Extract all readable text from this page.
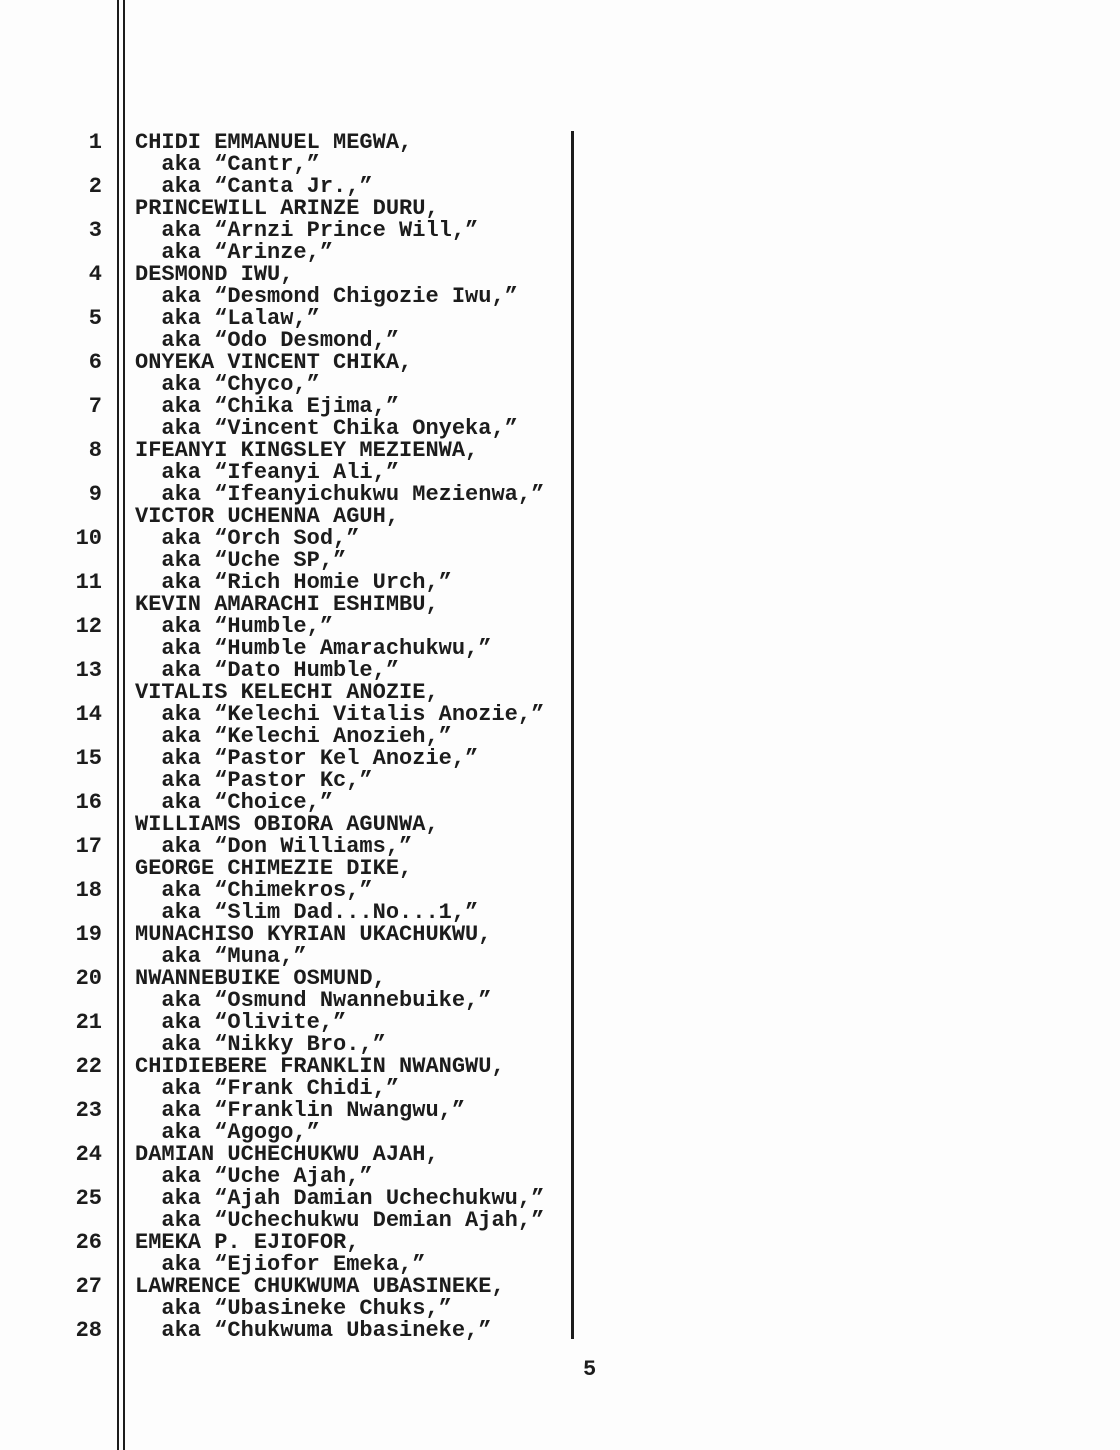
1 CHIDI EMMANUEL MEGWA,
aka “Cantr,”
2 aka “Canta Jr.,”
PRINCEWILL ARINZE DURU,
3 aka “Arnzi Prince Will,”
aka “Arinze,”
4 DESMOND IWU,
aka “Desmond Chigozie Iwu,”
5 aka “Lalaw,”
aka “Odo Desmond,”
6 ONYEKA VINCENT CHIKA,
aka “Chyco,”
7 aka “Chika Ejima,”
aka “Vincent Chika Onyeka,”
8 IFEANYI KINGSLEY MEZIENWA,
aka “Ifeanyi Ali,”
9 aka “Ifeanyichukwu Mezienwa,”
VICTOR UCHENNA AGUH,
10 aka “Orch Sod,”
aka “Uche SP,”
11 aka “Rich Homie Urch,”
KEVIN AMARACHI ESHIMBU,
12 aka “Humble,”
aka “Humble Amarachukwu,”
13 aka “Dato Humble,”
VITALIS KELECHI ANOZIE,
14 aka “Kelechi Vitalis Anozie,”
aka “Kelechi Anozieh,”
15 aka “Pastor Kel Anozie,”
aka “Pastor Kc,”
16 aka “Choice,”
WILLIAMS OBIORA AGUNWA,
17 aka “Don Williams,”
GEORGE CHIMEZIE DIKE,
18 aka “Chimekros,”
aka “Slim Dad...No...1,”
19 MUNACHISO KYRIAN UKACHUKWU,
aka “Muna,”
20 NWANNEBUIKE OSMUND,
aka “Osmund Nwannebuike,”
21 aka “Olivite,”
aka “Nikky Bro.,”
22 CHIDIEBERE FRANKLIN NWANGWU,
aka “Frank Chidi,”
23 aka “Franklin Nwangwu,”
aka “Agogo,”
24 DAMIAN UCHECHUKWU AJAH,
aka “Uche Ajah,”
25 aka “Ajah Damian Uchechukwu,”
aka “Uchechukwu Demian Ajah,”
26 EMEKA P. EJIOFOR,
aka “Ejiofor Emeka,”
27 LAWRENCE CHUKWUMA UBASINEKE,
aka “Ubasineke Chuks,”
28 aka “Chukwuma Ubasineke,”
5
